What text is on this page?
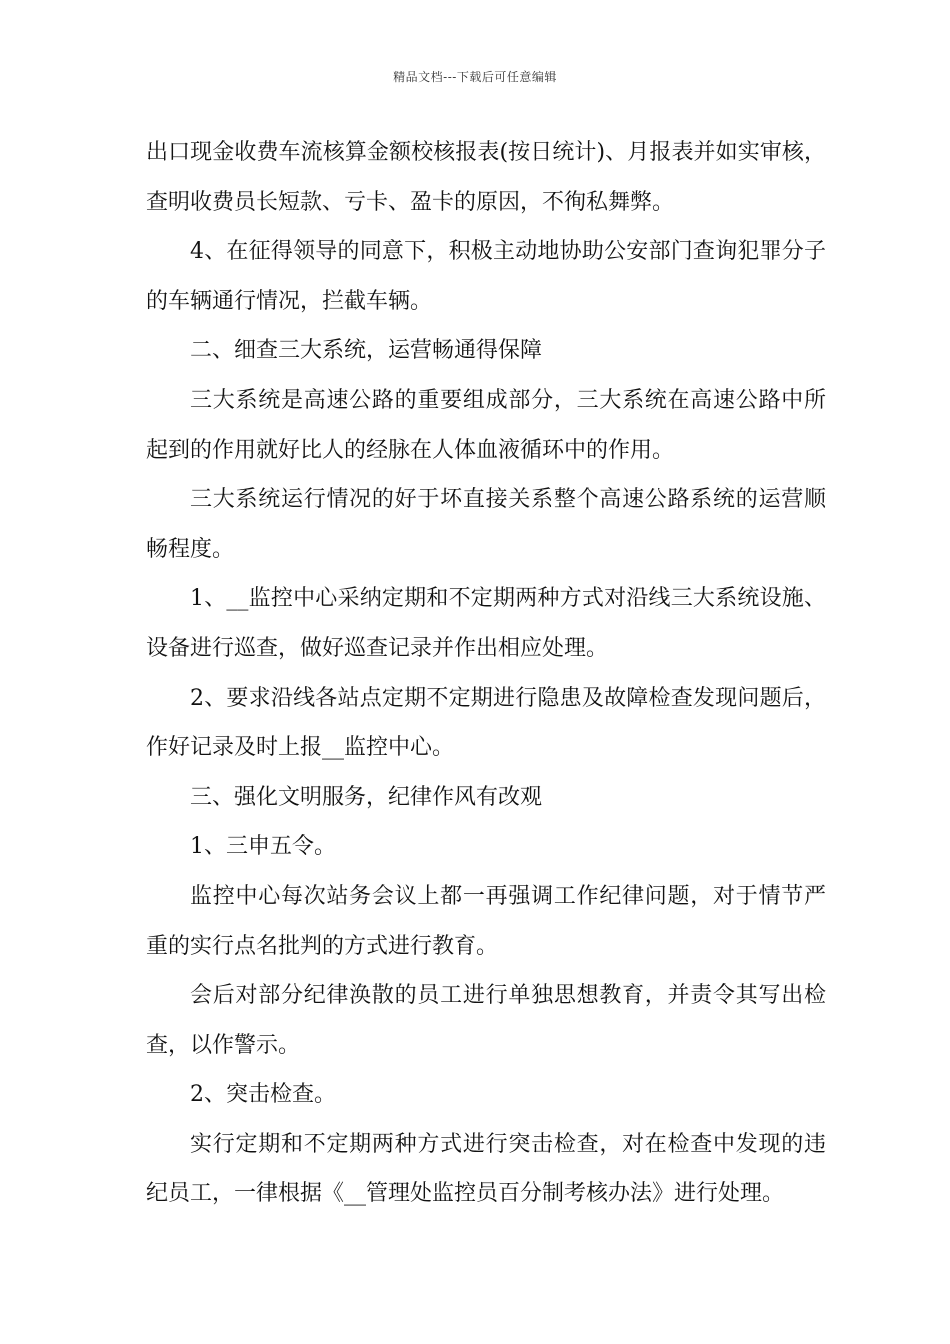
精品文档---下载后可任意编辑

出口现金收费车流核算金额校核报表(按日统计)、月报表并如实审核，查明收费员长短款、亏卡、盈卡的原因，不徇私舞弊。

4、在征得领导的同意下，积极主动地协助公安部门查询犯罪分子的车辆通行情况，拦截车辆。

二、细查三大系统，运营畅通得保障

三大系统是高速公路的重要组成部分，三大系统在高速公路中所起到的作用就好比人的经脉在人体血液循环中的作用。

三大系统运行情况的好于坏直接关系整个高速公路系统的运营顺畅程度。

1、__监控中心采纳定期和不定期两种方式对沿线三大系统设施、设备进行巡查，做好巡查记录并作出相应处理。

2、要求沿线各站点定期不定期进行隐患及故障检查发现问题后，作好记录及时上报__监控中心。

三、强化文明服务，纪律作风有改观

1、三申五令。

监控中心每次站务会议上都一再强调工作纪律问题，对于情节严重的实行点名批判的方式进行教育。

会后对部分纪律涣散的员工进行单独思想教育，并责令其写出检查，以作警示。

2、突击检查。

实行定期和不定期两种方式进行突击检查，对在检查中发现的违纪员工，一律根据《__管理处监控员百分制考核办法》进行处理。
